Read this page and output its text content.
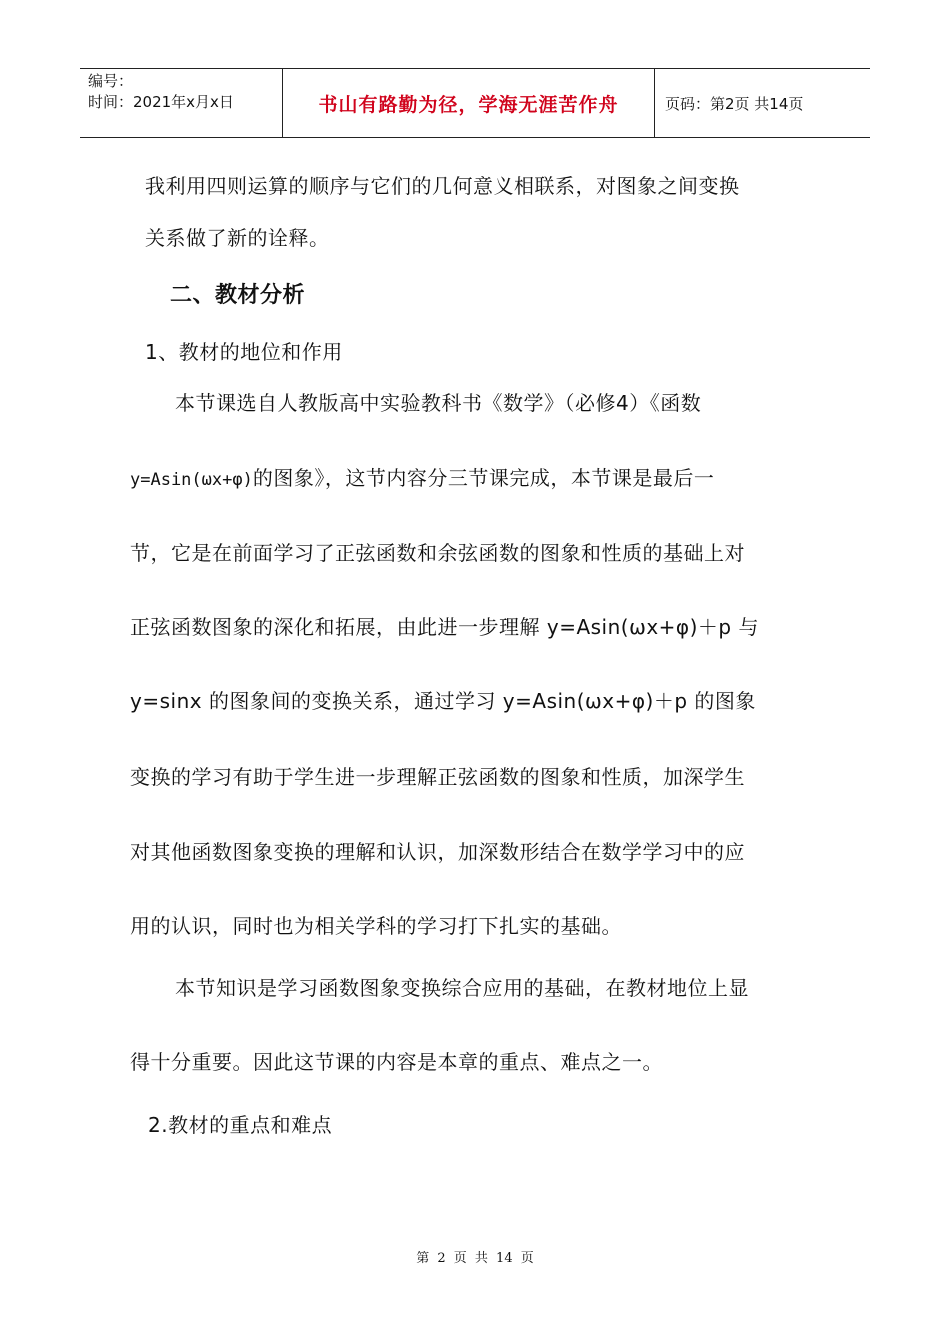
编号：
时间：2021年x月x日	书山有路勤为径，学海无涯苦作舟	页码：第2页 共14页
我利用四则运算的顺序与它们的几何意义相联系，对图象之间变换
关系做了新的诠释。
二、教材分析
1、教材的地位和作用
本节课选自人教版高中实验教科书《数学》（必修4）《函数
y=Asin(ωx+φ)的图象》，这节内容分三节课完成，本节课是最后一
节，它是在前面学习了正弦函数和余弦函数的图象和性质的基础上对
正弦函数图象的深化和拓展，由此进一步理解 y=Asin(ωx+φ)＋p 与
y=sinx 的图象间的变换关系，通过学习 y=Asin(ωx+φ)＋p 的图象
变换的学习有助于学生进一步理解正弦函数的图象和性质，加深学生
对其他函数图象变换的理解和认识，加深数形结合在数学学习中的应
用的认识，同时也为相关学科的学习打下扎实的基础。
本节知识是学习函数图象变换综合应用的基础，在教材地位上显
得十分重要。因此这节课的内容是本章的重点、难点之一。
2.教材的重点和难点
第 2 页 共 14 页
